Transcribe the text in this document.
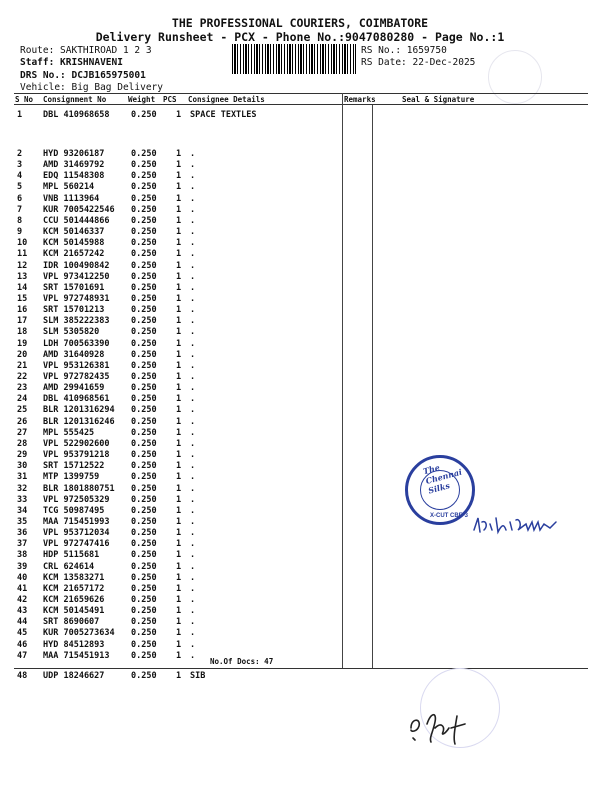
THE PROFESSIONAL COURIERS, COIMBATORE
Delivery Runsheet - PCX - Phone No.:9047080280 - Page No.:1
Route: SAKTHIROAD 1 2 3
Staff: KRISHNAVENI
DRS No.: DCJB165975001
Vehicle: Big Bag Delivery
RS No.: 1659750
RS Date: 22-Dec-2025
S No Consignment No	Weight PCS Consignee Details	Remarks	Seal & Signature
1 DBL 410968658	0.250 1 SPACE TEXTLES
2 HYD 93206187	0.250 1 .
3 AMD 31469792	0.250 1 .
4 EDQ 11548308	0.250 1 .
5 MPL 560214	0.250 1 .
6 VNB 1113964	0.250 1 .
7 KUR 7005422546 0.250 1 .
8 CCU 501444866	0.250 1 .
9 KCM 50146337	0.250 1 .
10 KCM 50145988	0.250 1 .
11 KCM 21657242	0.250 1 .
12 IDR 100490842	0.250 1 .
13 VPL 973412250	0.250 1 .
14 SRT 15701691	0.250 1 .
15 VPL 972748931	0.250 1 .
16 SRT 15701213	0.250 1 .
17 SLM 385222383	0.250 1 .
18 SLM 5305820	0.250 1 .
19 LDH 700563390	0.250 1 .
20 AMD 31640928	0.250 1 .
21 VPL 953126381	0.250 1 .
22 VPL 972782435	0.250 1 .
23 AMD 29941659	0.250 1 .
24 DBL 410968561	0.250 1 .
25 BLR 1201316294 0.250 1 .
26 BLR 1201316246 0.250 1 .
27 MPL 555425	0.250 1 .
28 VPL 522902600	0.250 1 .
29 VPL 953791218	0.250 1 .
30 SRT 15712522	0.250 1 .
31 MTP 1399759	0.250 1 .
32 BLR 1801880751 0.250 1 .
33 VPL 972505329	0.250 1 .
34 TCG 50987495	0.250 1 .
35 MAA 715451993	0.250 1 .
36 VPL 953712034	0.250 1 .
37 VPL 972747416	0.250 1 .
38 HDP 5115681	0.250 1 .
39 CRL 624614	0.250 1 .
40 KCM 13583271	0.250 1 .
41 KCM 21657172	0.250 1 .
42 KCM 21659626	0.250 1 .
43 KCM 50145491	0.250 1 .
44 SRT 8690607	0.250 1 .
45 KUR 7005273634 0.250 1 .
46 HYD 84512893	0.250 1 .
47 MAA 715451913	0.250 1 .
No.Of Docs: 47
48 UDP 18246627	0.250 1 SIB
The Chennai Silks
X-CUT CBE-3
